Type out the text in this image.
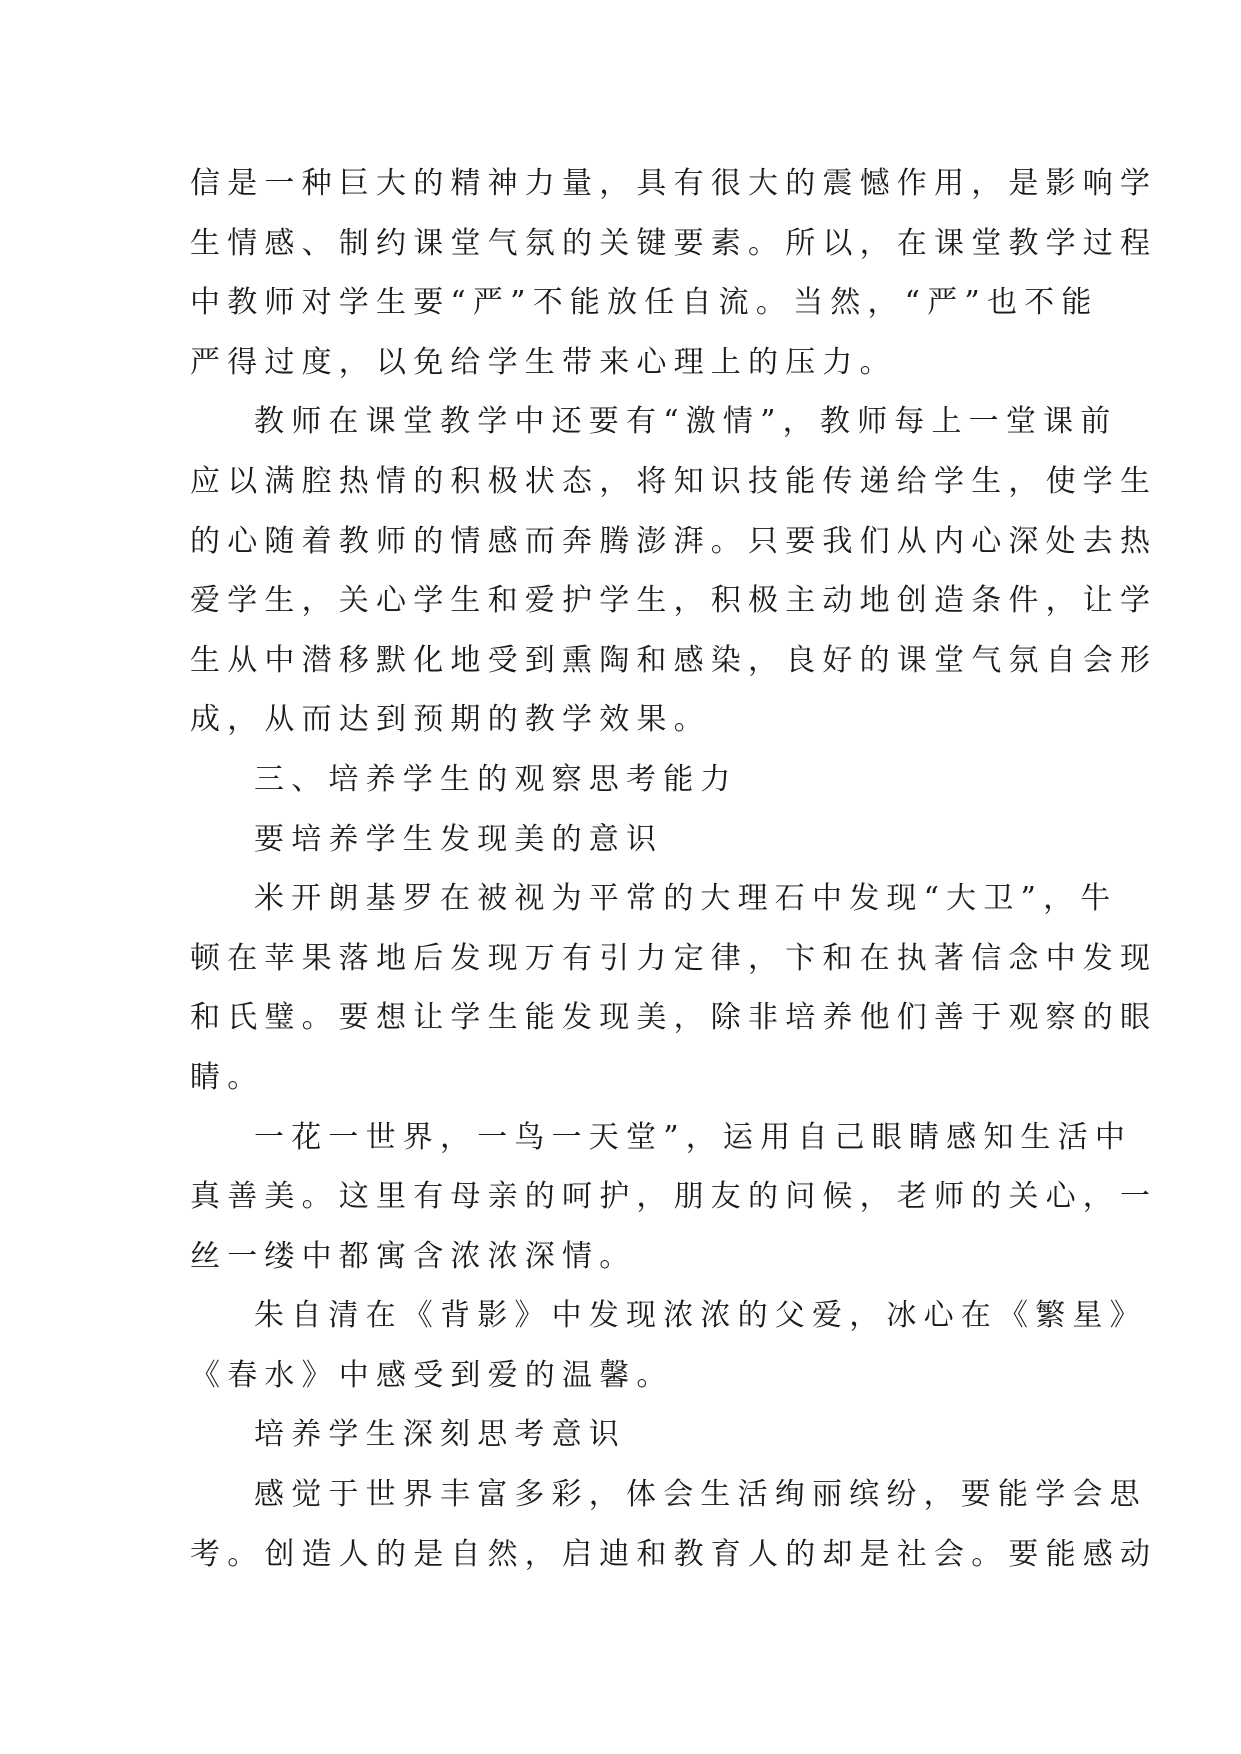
信是一种巨大的精神力量，具有很大的震憾作用，是影响学
生情感、制约课堂气氛的关键要素。所以，在课堂教学过程
中教师对学生要“严”不能放任自流。当然，“严”也不能
严得过度，以免给学生带来心理上的压力。
教师在课堂教学中还要有“激情”，教师每上一堂课前
应以满腔热情的积极状态，将知识技能传递给学生，使学生
的心随着教师的情感而奔腾澎湃。只要我们从内心深处去热
爱学生，关心学生和爱护学生，积极主动地创造条件，让学
生从中潜移默化地受到熏陶和感染，良好的课堂气氛自会形
成，从而达到预期的教学效果。
三、培养学生的观察思考能力
要培养学生发现美的意识
米开朗基罗在被视为平常的大理石中发现“大卫”，牛
顿在苹果落地后发现万有引力定律，卞和在执著信念中发现
和氏璧。要想让学生能发现美，除非培养他们善于观察的眼
睛。
一花一世界，一鸟一天堂”，运用自己眼睛感知生活中
真善美。这里有母亲的呵护，朋友的问候，老师的关心，一
丝一缕中都寓含浓浓深情。
朱自清在《背影》中发现浓浓的父爱，冰心在《繁星》
《春水》中感受到爱的温馨。
培养学生深刻思考意识
感觉于世界丰富多彩，体会生活绚丽缤纷，要能学会思
考。创造人的是自然，启迪和教育人的却是社会。要能感动
